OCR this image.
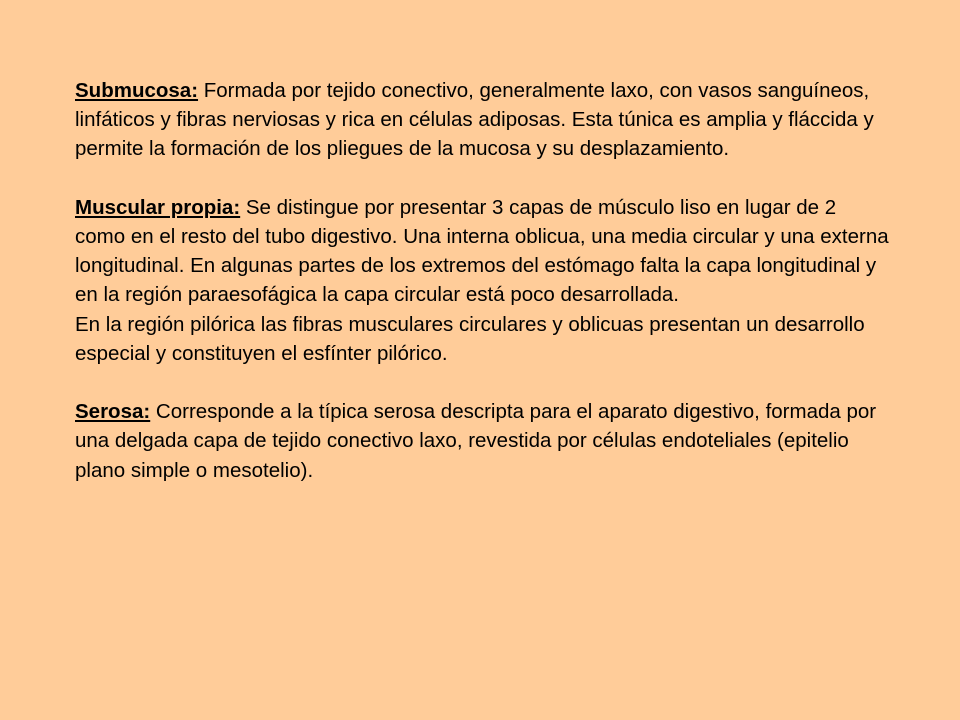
Submucosa: Formada por tejido conectivo, generalmente laxo, con vasos sanguíneos, linfáticos y fibras nerviosas y rica en células adiposas. Esta túnica es amplia y fláccida y permite la formación de los pliegues de la mucosa y su desplazamiento.

Muscular propia: Se distingue por presentar 3 capas de músculo liso en lugar de 2 como en el resto del tubo digestivo. Una interna oblicua, una media circular y una externa longitudinal. En algunas partes de los extremos del estómago falta la capa longitudinal y en la región paraesofágica la capa circular está poco desarrollada.

En la región pilórica las fibras musculares circulares y oblicuas presentan un desarrollo especial y constituyen el esfínter pilórico.

Serosa: Corresponde a la típica serosa descripta para el aparato digestivo, formada por una delgada capa de tejido conectivo laxo, revestida por células endoteliales (epitelio plano simple o mesotelio).
